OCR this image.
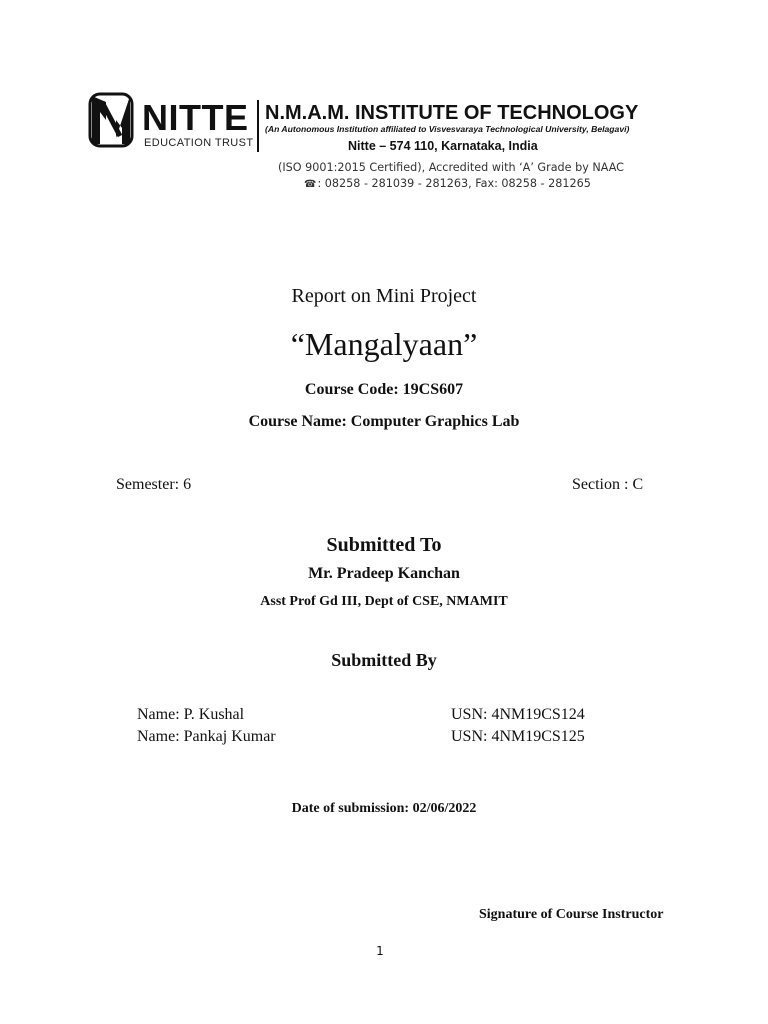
NITTE
EDUCATION TRUST
N.M.A.M. INSTITUTE OF TECHNOLOGY
(An Autonomous Institution affiliated to Visvesvaraya Technological University, Belagavi)
Nitte – 574 110, Karnataka, India
(ISO 9001:2015 Certified), Accredited with ‘A’ Grade by NAAC
☎: 08258 - 281039 - 281263, Fax: 08258 - 281265
Report on Mini Project
“Mangalyaan”
Course Code: 19CS607
Course Name: Computer Graphics Lab
Semester: 6	Section : C
Submitted To
Mr. Pradeep Kanchan
Asst Prof Gd III, Dept of CSE, NMAMIT
Submitted By
Name: P. Kushal	USN: 4NM19CS124
Name: Pankaj Kumar	USN: 4NM19CS125
Date of submission: 02/06/2022
Signature of Course Instructor
1
